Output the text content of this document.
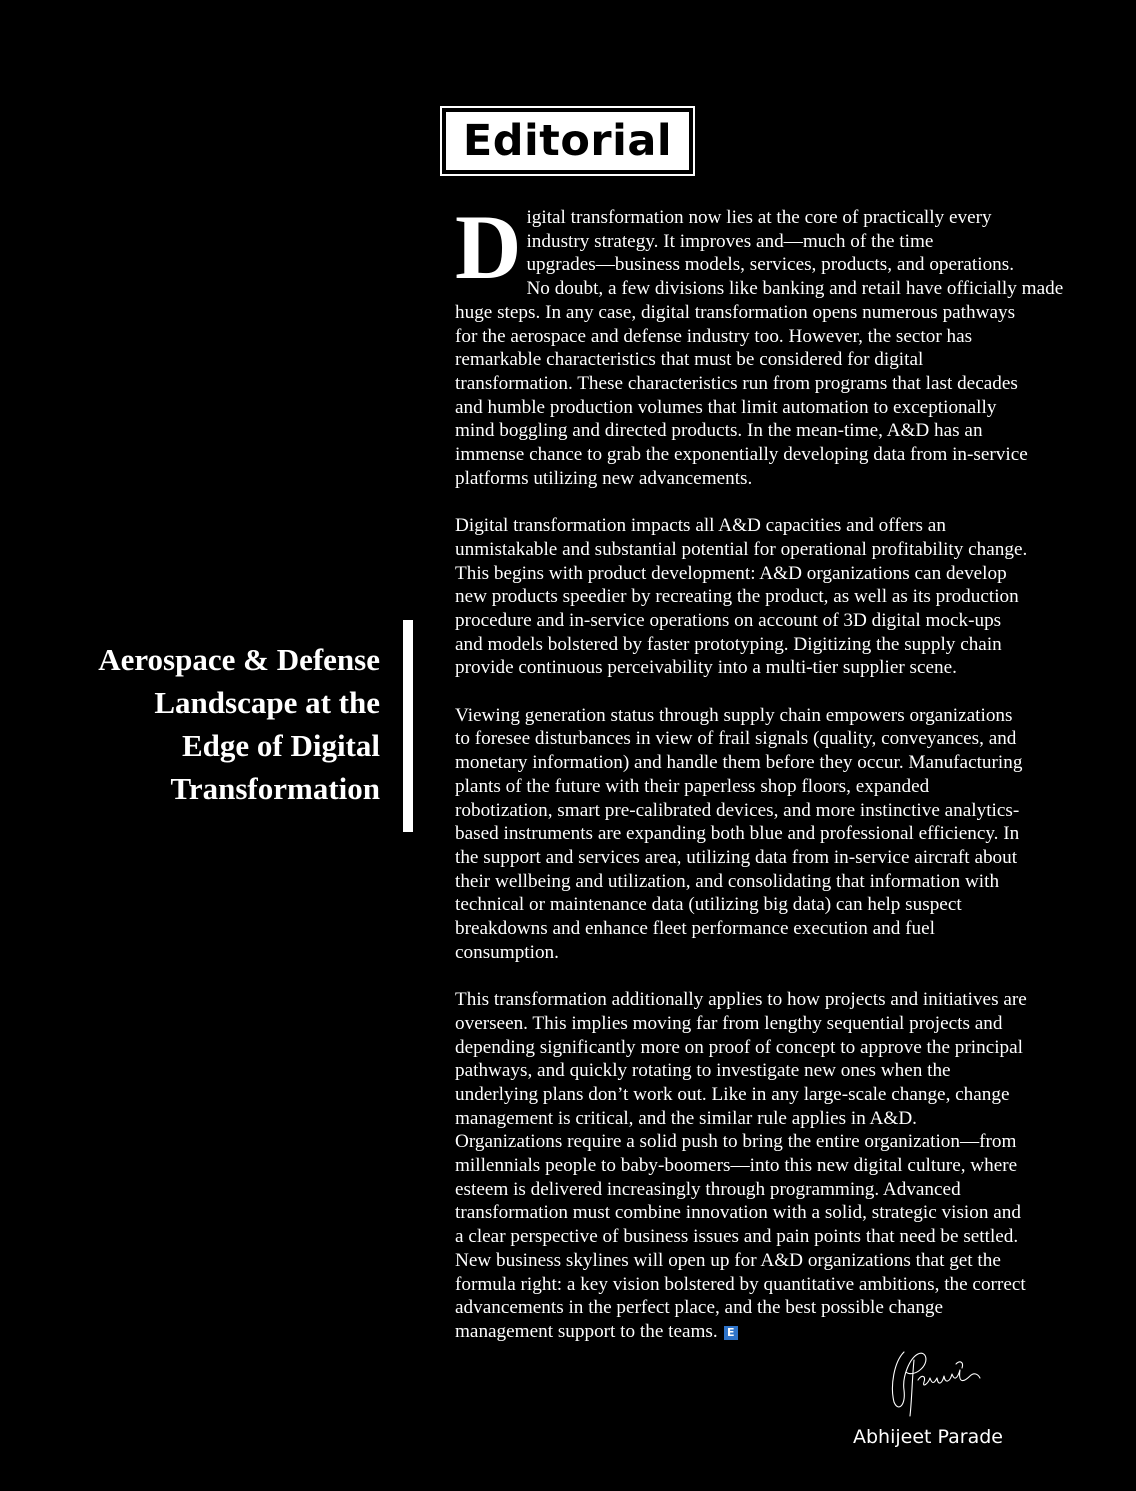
Editorial
Aerospace & Defense
Landscape at the
Edge of Digital
Transformation

D igital transformation now lies at the core of practically every
industry strategy. It improves and—much of the time
upgrades—business models, services, products, and operations.
No doubt, a few divisions like banking and retail have officially made
huge steps. In any case, digital transformation opens numerous pathways
for the aerospace and defense industry too. However, the sector has
remarkable characteristics that must be considered for digital
transformation. These characteristics run from programs that last decades
and humble production volumes that limit automation to exceptionally
mind boggling and directed products. In the mean-time, A&D has an
immense chance to grab the exponentially developing data from in-service
platforms utilizing new advancements.

Digital transformation impacts all A&D capacities and offers an
unmistakable and substantial potential for operational profitability change.
This begins with product development: A&D organizations can develop
new products speedier by recreating the product, as well as its production
procedure and in-service operations on account of 3D digital mock-ups
and models bolstered by faster prototyping. Digitizing the supply chain
provide continuous perceivability into a multi-tier supplier scene.

Viewing generation status through supply chain empowers organizations
to foresee disturbances in view of frail signals (quality, conveyances, and
monetary information) and handle them before they occur. Manufacturing
plants of the future with their paperless shop floors, expanded
robotization, smart pre-calibrated devices, and more instinctive analytics-
based instruments are expanding both blue and professional efficiency. In
the support and services area, utilizing data from in-service aircraft about
their wellbeing and utilization, and consolidating that information with
technical or maintenance data (utilizing big data) can help suspect
breakdowns and enhance fleet performance execution and fuel
consumption.

This transformation additionally applies to how projects and initiatives are
overseen. This implies moving far from lengthy sequential projects and
depending significantly more on proof of concept to approve the principal
pathways, and quickly rotating to investigate new ones when the
underlying plans don’t work out. Like in any large-scale change, change
management is critical, and the similar rule applies in A&D.
Organizations require a solid push to bring the entire organization—from
millennials people to baby-boomers—into this new digital culture, where
esteem is delivered increasingly through programming. Advanced
transformation must combine innovation with a solid, strategic vision and
a clear perspective of business issues and pain points that need be settled.
New business skylines will open up for A&D organizations that get the
formula right: a key vision bolstered by quantitative ambitions, the correct
advancements in the perfect place, and the best possible change
management support to the teams. E

Abhijeet Parade
